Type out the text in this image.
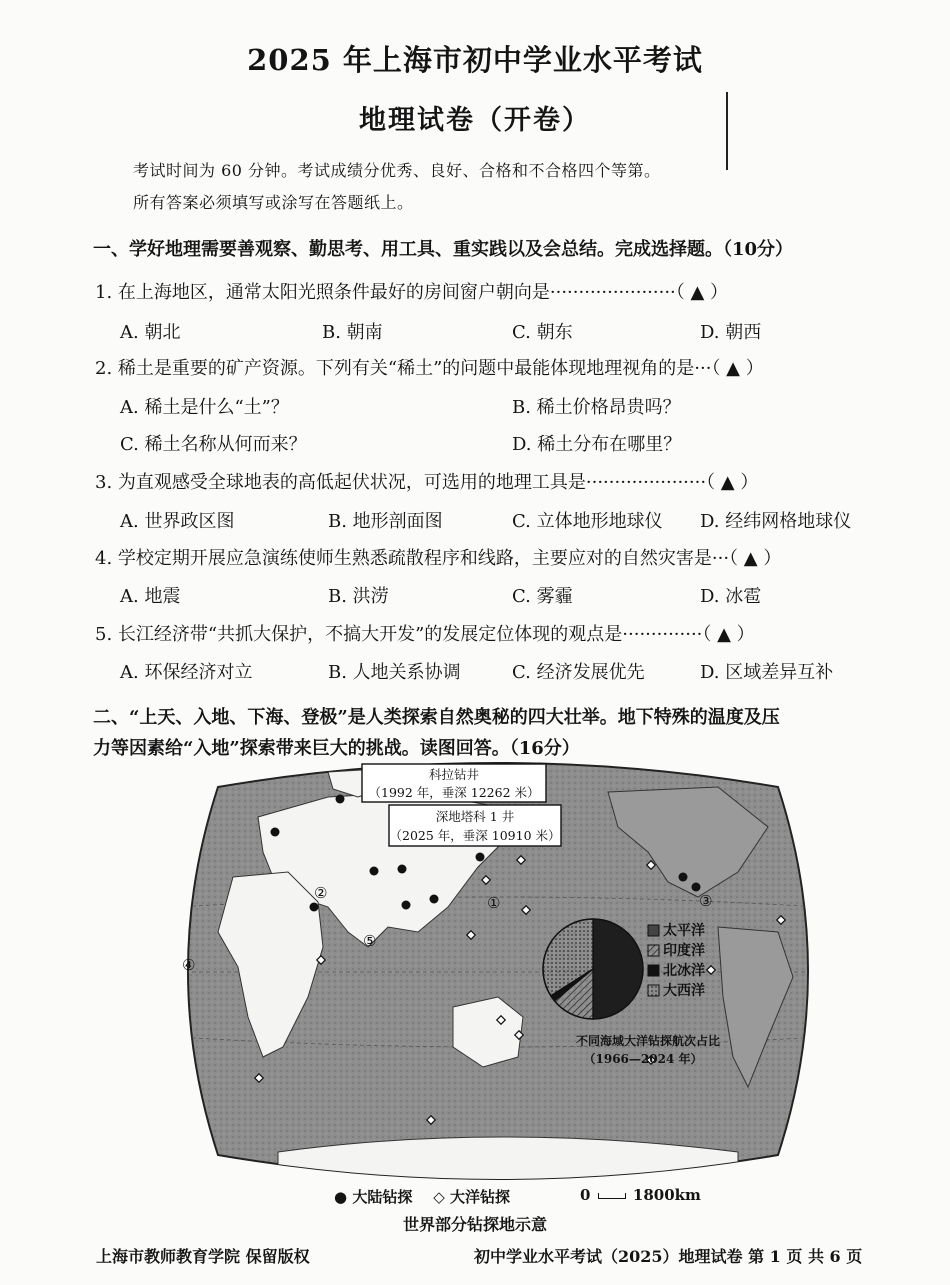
2025 年上海市初中学业水平考试
地理试卷（开卷）
考试时间为 60 分钟。考试成绩分优秀、良好、合格和不合格四个等第。
所有答案必须填写或涂写在答题纸上。
一、学好地理需要善观察、勤思考、用工具、重实践以及会总结。完成选择题。（10分）
1. 在上海地区，通常太阳光照条件最好的房间窗户朝向是······················（ ▲ ）
A. 朝北	B. 朝南	C. 朝东	D. 朝西
2. 稀土是重要的矿产资源。下列有关“稀土”的问题中最能体现地理视角的是···（ ▲ ）
A. 稀土是什么“土”？	B. 稀土价格昂贵吗？
C. 稀土名称从何而来？	D. 稀土分布在哪里？
3. 为直观感受全球地表的高低起伏状况，可选用的地理工具是·····················（ ▲ ）
A. 世界政区图	B. 地形剖面图	C. 立体地形地球仪 D. 经纬网格地球仪
4. 学校定期开展应急演练使师生熟悉疏散程序和线路，主要应对的自然灾害是···（ ▲ ）
A. 地震	B. 洪涝	C. 雾霾	D. 冰雹
5. 长江经济带“共抓大保护，不搞大开发”的发展定位体现的观点是··············（ ▲ ）
A. 环保经济对立	B. 人地关系协调	C. 经济发展优先	D. 区域差异互补
二、“上天、入地、下海、登极”是人类探索自然奥秘的四大壮举。地下特殊的温度及压
力等因素给“入地”探索带来巨大的挑战。读图回答。（16分）
①
②	③
④
⑤
科拉钻井
（1992 年，垂深 12262 米）
深地塔科 1 井
（2025 年，垂深 10910 米）
太平洋
印度洋
北冰洋
大西洋
不同海域大洋钻探航次占比
（1966—2024 年）
● 大陆钻探 ◇ 大洋钻探	0	1800km
世界部分钻探地示意
上海市教师教育学院 保留版权	初中学业水平考试（2025）地理试卷 第 1 页 共 6 页
